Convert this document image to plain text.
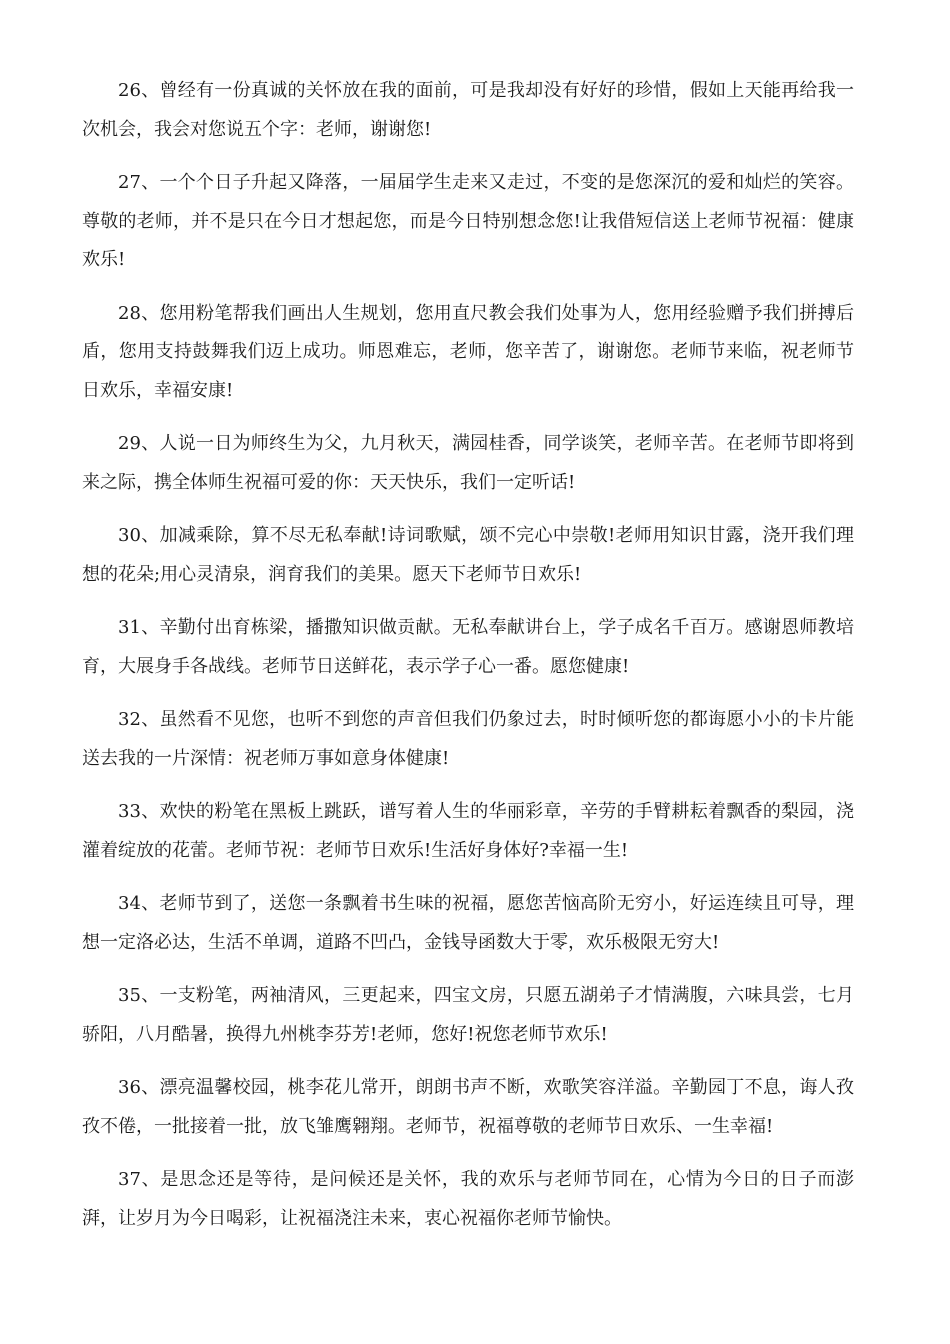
26、曾经有一份真诚的关怀放在我的面前，可是我却没有好好的珍惜，假如上天能再给我一次机会，我会对您说五个字：老师，谢谢您!

27、一个个日子升起又降落，一届届学生走来又走过，不变的是您深沉的爱和灿烂的笑容。尊敬的老师，并不是只在今日才想起您，而是今日特别想念您!让我借短信送上老师节祝福：健康欢乐!

28、您用粉笔帮我们画出人生规划，您用直尺教会我们处事为人，您用经验赠予我们拼搏后盾，您用支持鼓舞我们迈上成功。师恩难忘，老师，您辛苦了，谢谢您。老师节来临，祝老师节日欢乐，幸福安康!

29、人说一日为师终生为父，九月秋天，满园桂香，同学谈笑，老师辛苦。在老师节即将到来之际，携全体师生祝福可爱的你：天天快乐，我们一定听话!

30、加减乘除，算不尽无私奉献!诗词歌赋，颂不完心中崇敬!老师用知识甘露，浇开我们理想的花朵;用心灵清泉，润育我们的美果。愿天下老师节日欢乐!

31、辛勤付出育栋梁，播撒知识做贡献。无私奉献讲台上，学子成名千百万。感谢恩师教培育，大展身手各战线。老师节日送鲜花，表示学子心一番。愿您健康!

32、虽然看不见您，也听不到您的声音但我们仍象过去，时时倾听您的都诲愿小小的卡片能送去我的一片深情：祝老师万事如意身体健康!

33、欢快的粉笔在黑板上跳跃，谱写着人生的华丽彩章，辛劳的手臂耕耘着飘香的梨园，浇灌着绽放的花蕾。老师节祝：老师节日欢乐!生活好身体好?幸福一生!

34、老师节到了，送您一条飘着书生味的祝福，愿您苦恼高阶无穷小，好运连续且可导，理想一定洛必达，生活不单调，道路不凹凸，金钱导函数大于零，欢乐极限无穷大!

35、一支粉笔，两袖清风，三更起来，四宝文房，只愿五湖弟子才情满腹，六味具尝，七月骄阳，八月酷暑，换得九州桃李芬芳!老师，您好!祝您老师节欢乐!

36、漂亮温馨校园，桃李花儿常开，朗朗书声不断，欢歌笑容洋溢。辛勤园丁不息，诲人孜孜不倦，一批接着一批，放飞雏鹰翱翔。老师节，祝福尊敬的老师节日欢乐、一生幸福!

37、是思念还是等待，是问候还是关怀，我的欢乐与老师节同在，心情为今日的日子而澎湃，让岁月为今日喝彩，让祝福浇注未来，衷心祝福你老师节愉快。
